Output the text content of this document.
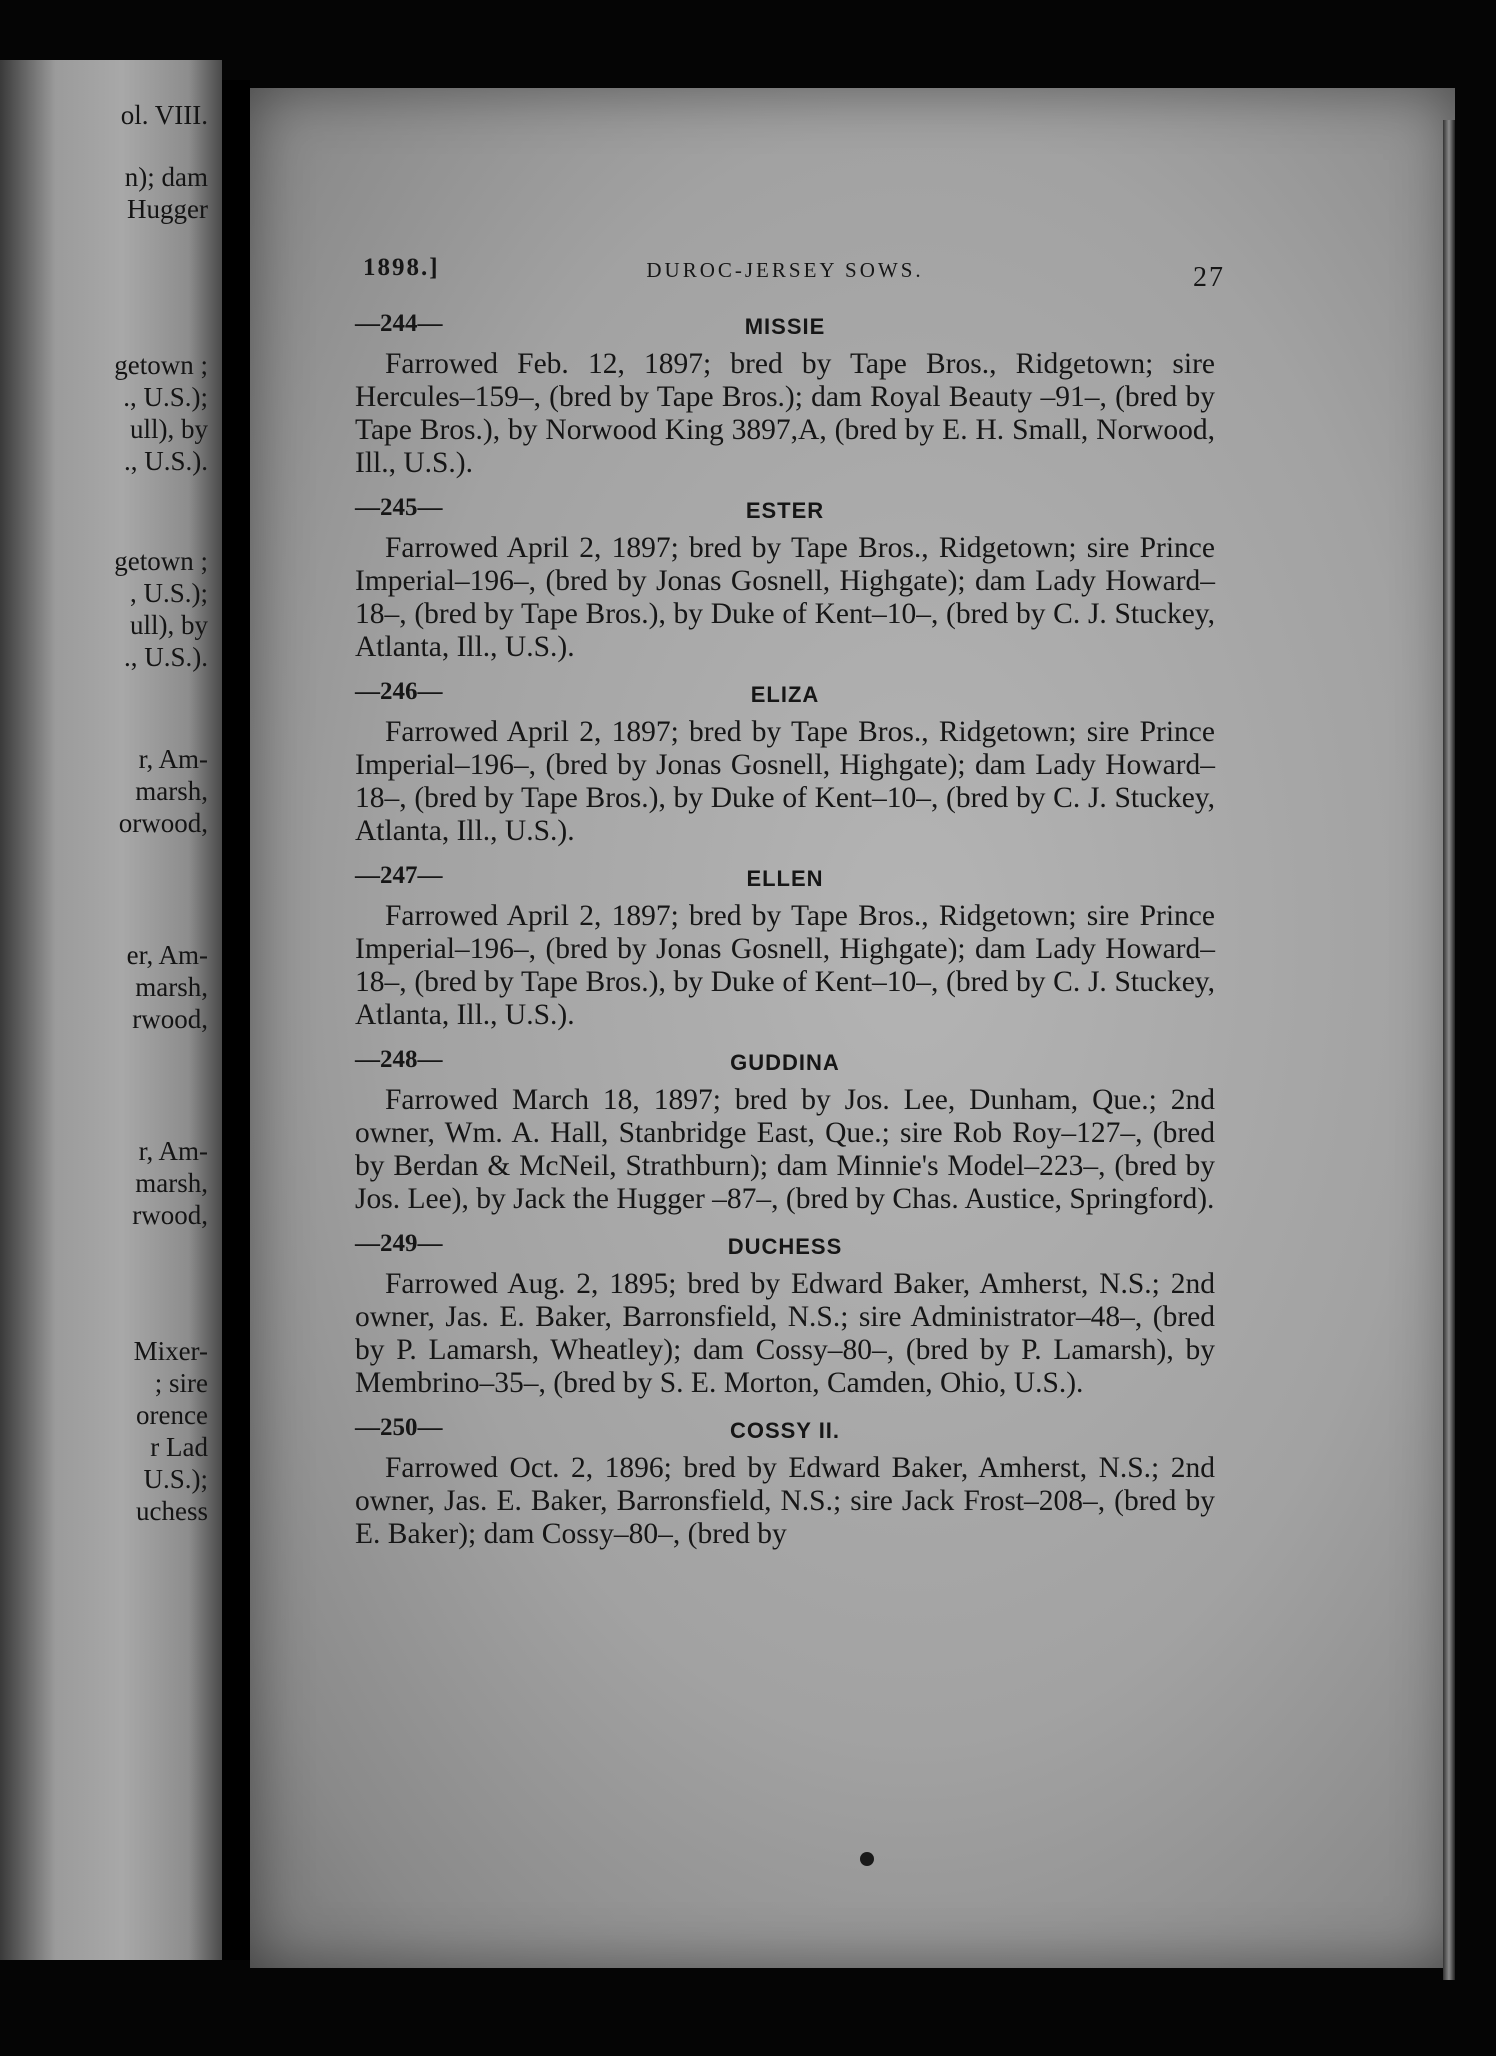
ol. VIII.
n); dam
Hugger
getown ;
., U.S.);
ull), by
., U.S.).
getown ;
, U.S.);
ull), by
., U.S.).
r, Am-
marsh,
orwood,
er, Am-
marsh,
rwood,
r, Am-
marsh,
rwood,
Mixer-
; sire
orence
r Lad
U.S.);
uchess
1898.]	DUROC-JERSEY SOWS.	27
—244—	MISSIE

Farrowed Feb. 12, 1897; bred by Tape Bros., Ridgetown; sire Hercules–159–, (bred by Tape Bros.); dam Royal Beauty –91–, (bred by Tape Bros.), by Norwood King 3897,A, (bred by E. H. Small, Norwood, Ill., U.S.).

—245—	ESTER

Farrowed April 2, 1897; bred by Tape Bros., Ridgetown; sire Prince Imperial–196–, (bred by Jonas Gosnell, Highgate); dam Lady Howard–18–, (bred by Tape Bros.), by Duke of Kent–10–, (bred by C. J. Stuckey, Atlanta, Ill., U.S.).

—246—	ELIZA

Farrowed April 2, 1897; bred by Tape Bros., Ridgetown; sire Prince Imperial–196–, (bred by Jonas Gosnell, Highgate); dam Lady Howard–18–, (bred by Tape Bros.), by Duke of Kent–10–, (bred by C. J. Stuckey, Atlanta, Ill., U.S.).

—247—	ELLEN

Farrowed April 2, 1897; bred by Tape Bros., Ridgetown; sire Prince Imperial–196–, (bred by Jonas Gosnell, Highgate); dam Lady Howard–18–, (bred by Tape Bros.), by Duke of Kent–10–, (bred by C. J. Stuckey, Atlanta, Ill., U.S.).

—248—	GUDDINA

Farrowed March 18, 1897; bred by Jos. Lee, Dunham, Que.; 2nd owner, Wm. A. Hall, Stanbridge East, Que.; sire Rob Roy–127–, (bred by Berdan & McNeil, Strathburn); dam Minnie's Model–223–, (bred by Jos. Lee), by Jack the Hugger –87–, (bred by Chas. Austice, Springford).

—249—	DUCHESS

Farrowed Aug. 2, 1895; bred by Edward Baker, Amherst, N.S.; 2nd owner, Jas. E. Baker, Barronsfield, N.S.; sire Administrator–48–, (bred by P. Lamarsh, Wheatley); dam Cossy–80–, (bred by P. Lamarsh), by Membrino–35–, (bred by S. E. Morton, Camden, Ohio, U.S.).

—250—	COSSY II.

Farrowed Oct. 2, 1896; bred by Edward Baker, Amherst, N.S.; 2nd owner, Jas. E. Baker, Barronsfield, N.S.; sire Jack Frost–208–, (bred by E. Baker); dam Cossy–80–, (bred by
